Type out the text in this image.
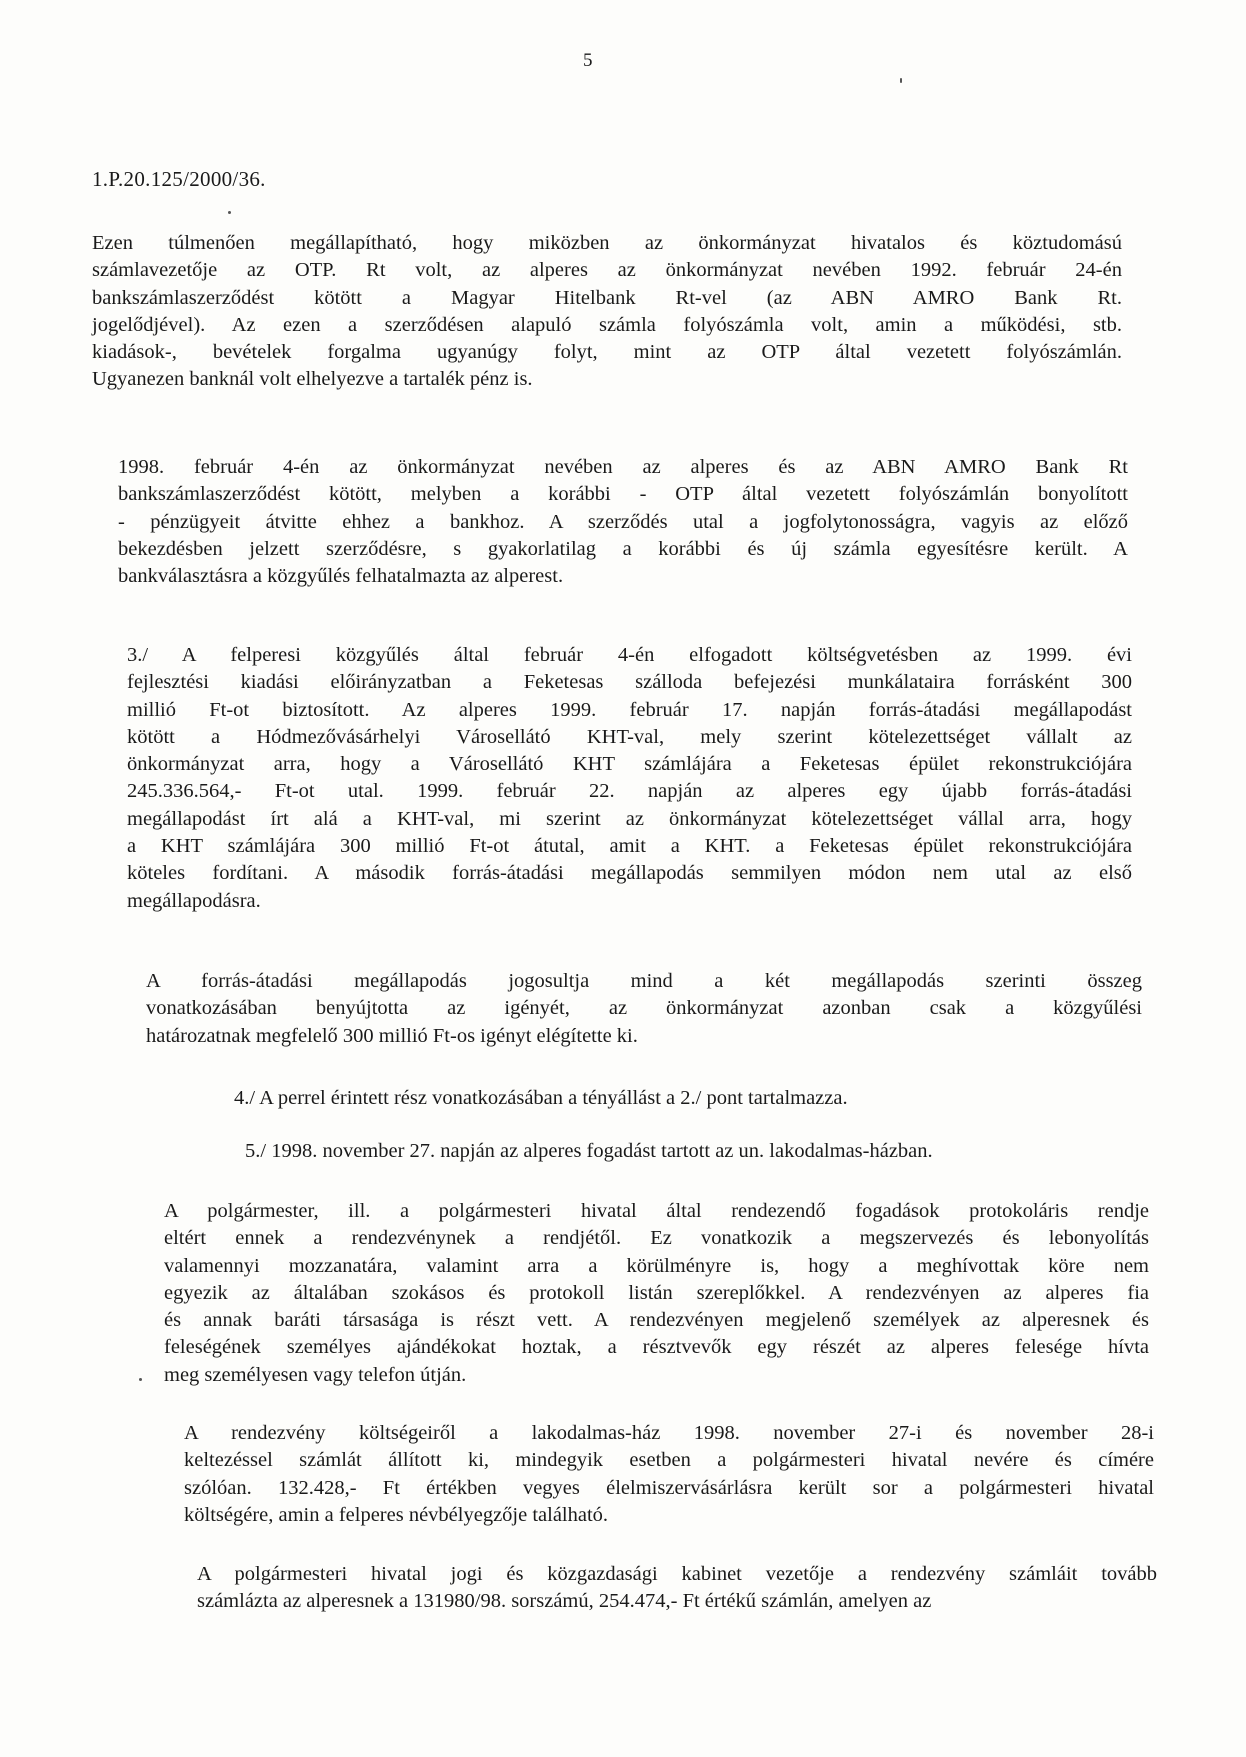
5
1.P.20.125/2000/36.
Ezen túlmenően megállapítható, hogy miközben az önkormányzat hivatalos és köztudomású
számlavezetője az OTP. Rt volt, az alperes az önkormányzat nevében 1992. február 24-én
bankszámlaszerződést kötött a Magyar Hitelbank Rt-vel (az ABN AMRO Bank Rt.
jogelődjével). Az ezen a szerződésen alapuló számla folyószámla volt, amin a működési, stb.
kiadások-, bevételek forgalma ugyanúgy folyt, mint az OTP által vezetett folyószámlán.
Ugyanezen banknál volt elhelyezve a tartalék pénz is.
1998. február 4-én az önkormányzat nevében az alperes és az ABN AMRO Bank Rt
bankszámlaszerződést kötött, melyben a korábbi - OTP által vezetett folyószámlán bonyolított
- pénzügyeit átvitte ehhez a bankhoz. A szerződés utal a jogfolytonosságra, vagyis az előző
bekezdésben jelzett szerződésre, s gyakorlatilag a korábbi és új számla egyesítésre került. A
bankválasztásra a közgyűlés felhatalmazta az alperest.
3./ A felperesi közgyűlés által február 4-én elfogadott költségvetésben az 1999. évi
fejlesztési kiadási előirányzatban a Feketesas szálloda befejezési munkálataira forrásként 300
millió Ft-ot biztosított. Az alperes 1999. február 17. napján forrás-átadási megállapodást
kötött a Hódmezővásárhelyi Városellátó KHT-val, mely szerint kötelezettséget vállalt az
önkormányzat arra, hogy a Városellátó KHT számlájára a Feketesas épület rekonstrukciójára
245.336.564,- Ft-ot utal. 1999. február 22. napján az alperes egy újabb forrás-átadási
megállapodást írt alá a KHT-val, mi szerint az önkormányzat kötelezettséget vállal arra, hogy
a KHT számlájára 300 millió Ft-ot átutal, amit a KHT. a Feketesas épület rekonstrukciójára
köteles fordítani. A második forrás-átadási megállapodás semmilyen módon nem utal az első
megállapodásra.
A forrás-átadási megállapodás jogosultja mind a két megállapodás szerinti összeg
vonatkozásában benyújtotta az igényét, az önkormányzat azonban csak a közgyűlési
határozatnak megfelelő 300 millió Ft-os igényt elégítette ki.
4./ A perrel érintett rész vonatkozásában a tényállást a 2./ pont tartalmazza.
5./ 1998. november 27. napján az alperes fogadást tartott az un. lakodalmas-házban.
A polgármester, ill. a polgármesteri hivatal által rendezendő fogadások protokoláris rendje
eltért ennek a rendezvénynek a rendjétől. Ez vonatkozik a megszervezés és lebonyolítás
valamennyi mozzanatára, valamint arra a körülményre is, hogy a meghívottak köre nem
egyezik az általában szokásos és protokoll listán szereplőkkel. A rendezvényen az alperes fia
és annak baráti társasága is részt vett. A rendezvényen megjelenő személyek az alperesnek és
feleségének személyes ajándékokat hoztak, a résztvevők egy részét az alperes felesége hívta
meg személyesen vagy telefon útján.
A rendezvény költségeiről a lakodalmas-ház 1998. november 27-i és november 28-i
keltezéssel számlát állított ki, mindegyik esetben a polgármesteri hivatal nevére és címére
szólóan. 132.428,- Ft értékben vegyes élelmiszervásárlásra került sor a polgármesteri hivatal
költségére, amin a felperes névbélyegzője található.
A polgármesteri hivatal jogi és közgazdasági kabinet vezetője a rendezvény számláit tovább
számlázta az alperesnek a 131980/98. sorszámú, 254.474,- Ft értékű számlán, amelyen az
